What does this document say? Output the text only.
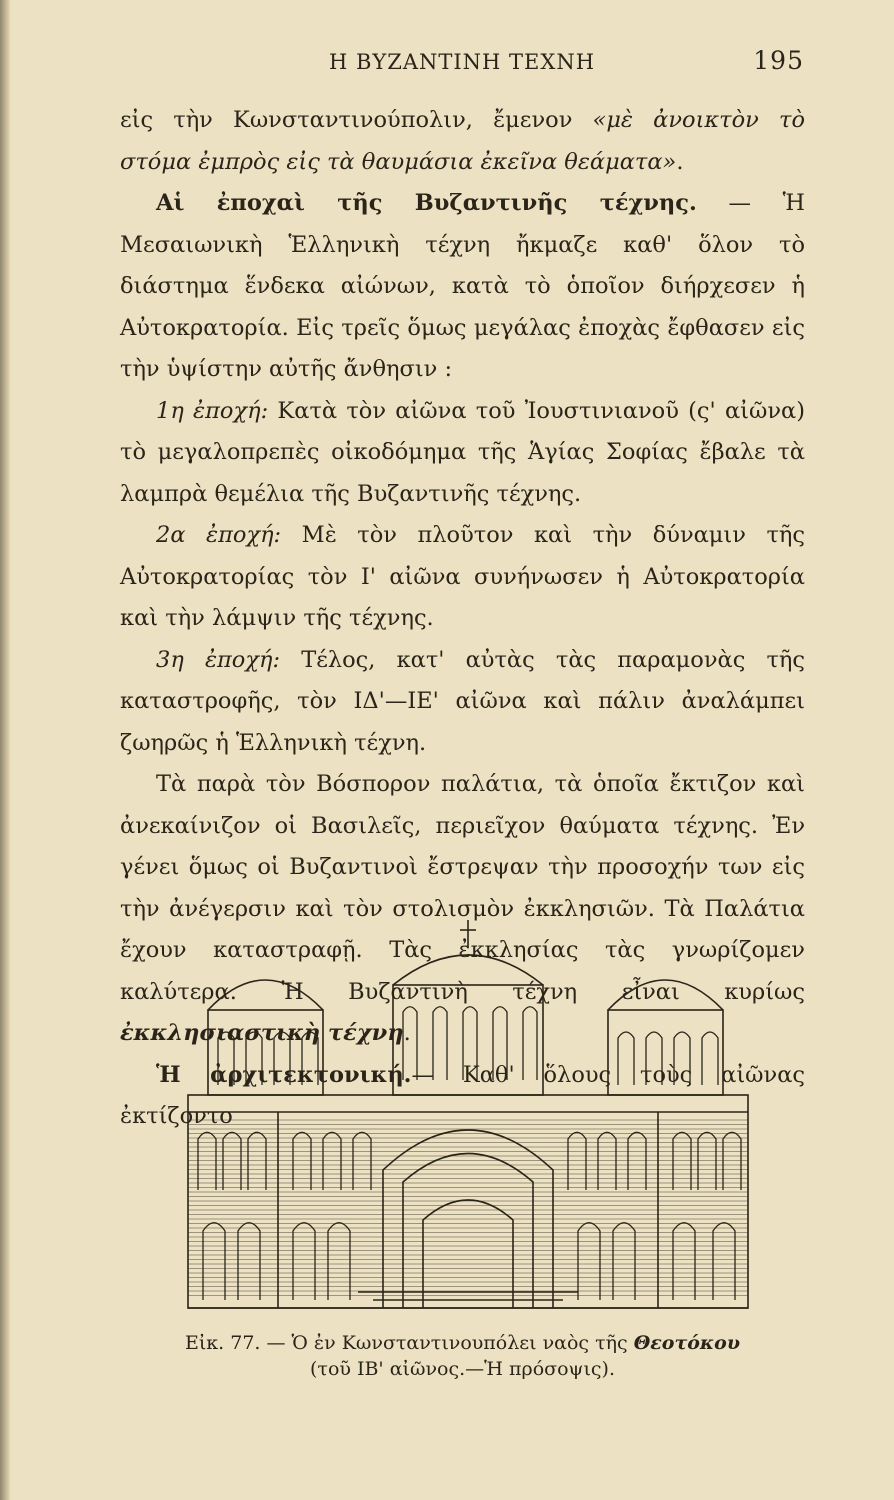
Η ΒΥΖΑΝΤΙΝΗ ΤΕΧΝΗ	195

εἰς τὴν Κωνσταντινούπολιν, ἔμενον «μὲ ἀνοικτὸν τὸ στόμα ἐμπρὸς εἰς τὰ θαυμάσια ἐκεῖνα θεάματα».

Αἱ ἐποχαὶ τῆς Βυζαντινῆς τέχνης. — Ἡ Μεσαιωνικὴ Ἑλληνικὴ τέχνη ἤκμαζε καθ' ὅλον τὸ διάστημα ἕνδεκα αἰώνων, κατὰ τὸ ὁποῖον διήρχεσεν ἡ Αὐτοκρατορία. Εἰς τρεῖς ὅμως μεγάλας ἐποχὰς ἔφθασεν εἰς τὴν ὑψίστην αὐτῆς ἄνθησιν :

1η ἐποχή: Κατὰ τὸν αἰῶνα τοῦ Ἰουστινιανοῦ (ς' αἰῶνα) τὸ μεγαλοπρεπὲς οἰκοδόμημα τῆς Ἁγίας Σοφίας ἔβαλε τὰ λαμπρὰ θεμέλια τῆς Βυζαντινῆς τέχνης.

2α ἐποχή: Μὲ τὸν πλοῦτον καὶ τὴν δύναμιν τῆς Αὐτοκρατορίας τὸν Ι' αἰῶνα συνήνωσεν ἡ Αὐτοκρατορία καὶ τὴν λάμψιν τῆς τέχνης.

3η ἐποχή: Τέλος, κατ' αὐτὰς τὰς παραμονὰς τῆς καταστροφῆς, τὸν ΙΔ'—ΙΕ' αἰῶνα καὶ πάλιν ἀναλάμπει ζωηρῶς ἡ Ἑλληνικὴ τέχνη.

Τὰ παρὰ τὸν Βόσπορον παλάτια, τὰ ὁποῖα ἔκτιζον καὶ ἀνεκαίνιζον οἱ Βασιλεῖς, περιεῖχον θαύματα τέχνης. Ἐν γένει ὅμως οἱ Βυζαντινοὶ ἔστρεψαν τὴν προσοχήν των εἰς τὴν ἀνέγερσιν καὶ τὸν στολισμὸν ἐκκλησιῶν. Τὰ Παλάτια ἔχουν καταστραφῇ. Τὰς ἐκκλησίας τὰς γνωρίζομεν καλύτερα. Ἡ Βυζαντινὴ τέχνη εἶναι κυρίως ἐκκλησιαστικὴ τέχνη.

Ἡ ἀρχιτεκτονική.— Καθ' ὅλους τοὺς αἰῶνας ἐκτίζοντο

Εἰκ. 77. — Ὁ ἐν Κωνσταντινουπόλει ναὸς τῆς Θεοτόκου
(τοῦ ΙΒ' αἰῶνος.—Ἡ πρόσοψις).
